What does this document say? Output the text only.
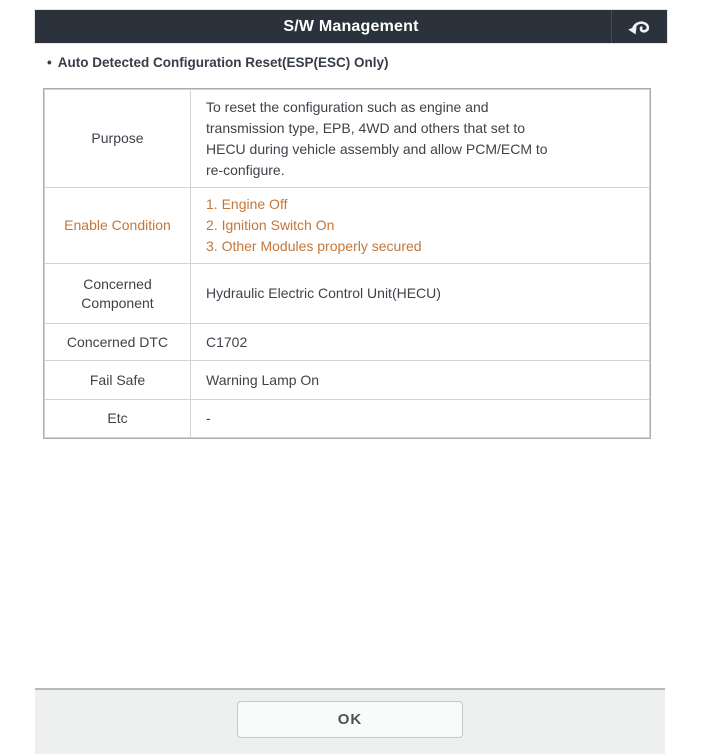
S/W Management
• Auto Detected Configuration Reset(ESP(ESC) Only)
Purpose	To reset the configuration such as engine and
transmission type, EPB, 4WD and others that set to
HECU during vehicle assembly and allow PCM/ECM to
re-configure.

Enable Condition	1. Engine Off
2. Ignition Switch On
3. Other Modules properly secured

Concerned Component	Hydraulic Electric Control Unit(HECU)
Concerned DTC	C1702
Fail Safe	Warning Lamp On
Etc	-
OK
